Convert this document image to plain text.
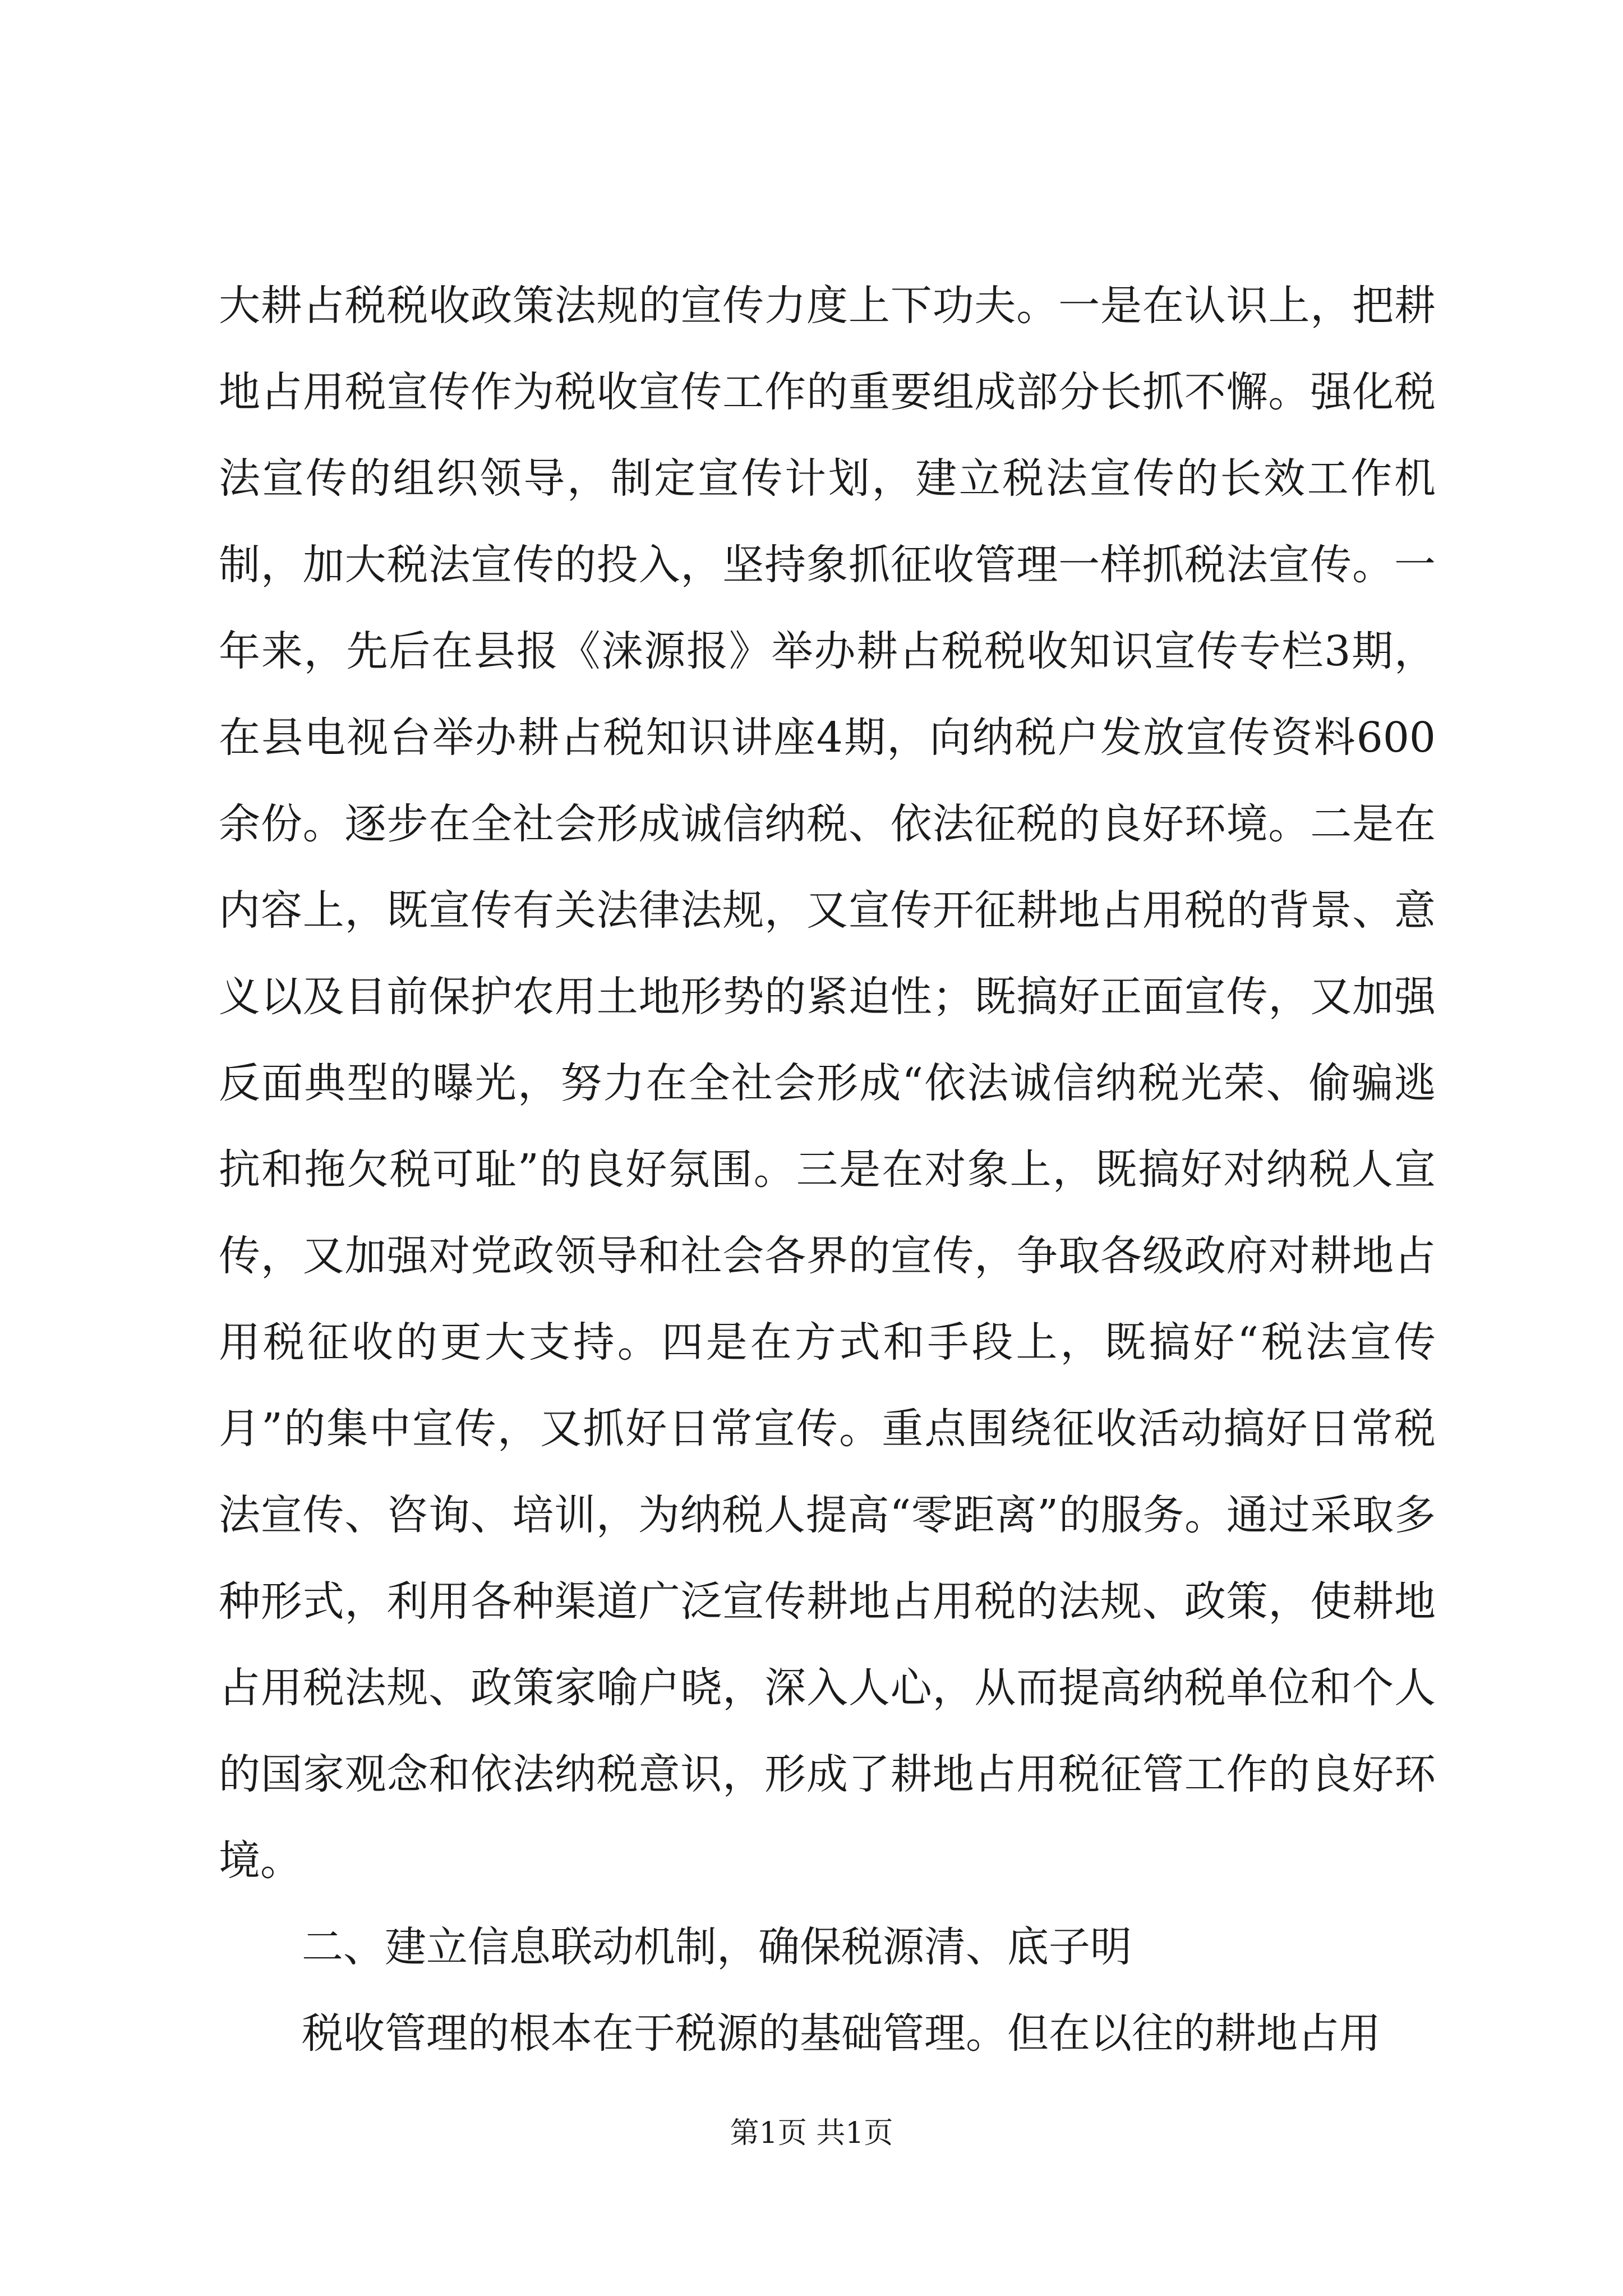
大耕占税税收政策法规的宣传力度上下功夫。一是在认识上，把耕地占用税宣传作为税收宣传工作的重要组成部分长抓不懈。强化税法宣传的组织领导，制定宣传计划，建立税法宣传的长效工作机制，加大税法宣传的投入，坚持象抓征收管理一样抓税法宣传。一年来，先后在县报《涞源报》举办耕占税税收知识宣传专栏3期，在县电视台举办耕占税知识讲座4期，向纳税户发放宣传资料600余份。逐步在全社会形成诚信纳税、依法征税的良好环境。二是在内容上，既宣传有关法律法规，又宣传开征耕地占用税的背景、意义以及目前保护农用土地形势的紧迫性；既搞好正面宣传，又加强反面典型的曝光，努力在全社会形成“依法诚信纳税光荣、偷骗逃抗和拖欠税可耻”的良好氛围。三是在对象上，既搞好对纳税人宣传，又加强对党政领导和社会各界的宣传，争取各级政府对耕地占用税征收的更大支持。四是在方式和手段上，既搞好“税法宣传月”的集中宣传，又抓好日常宣传。重点围绕征收活动搞好日常税法宣传、咨询、培训，为纳税人提高“零距离”的服务。通过采取多种形式，利用各种渠道广泛宣传耕地占用税的法规、政策，使耕地占用税法规、政策家喻户晓，深入人心，从而提高纳税单位和个人的国家观念和依法纳税意识，形成了耕地占用税征管工作的良好环境。

二、建立信息联动机制，确保税源清、底子明

税收管理的根本在于税源的基础管理。但在以往的耕地占用

第1页 共1页
